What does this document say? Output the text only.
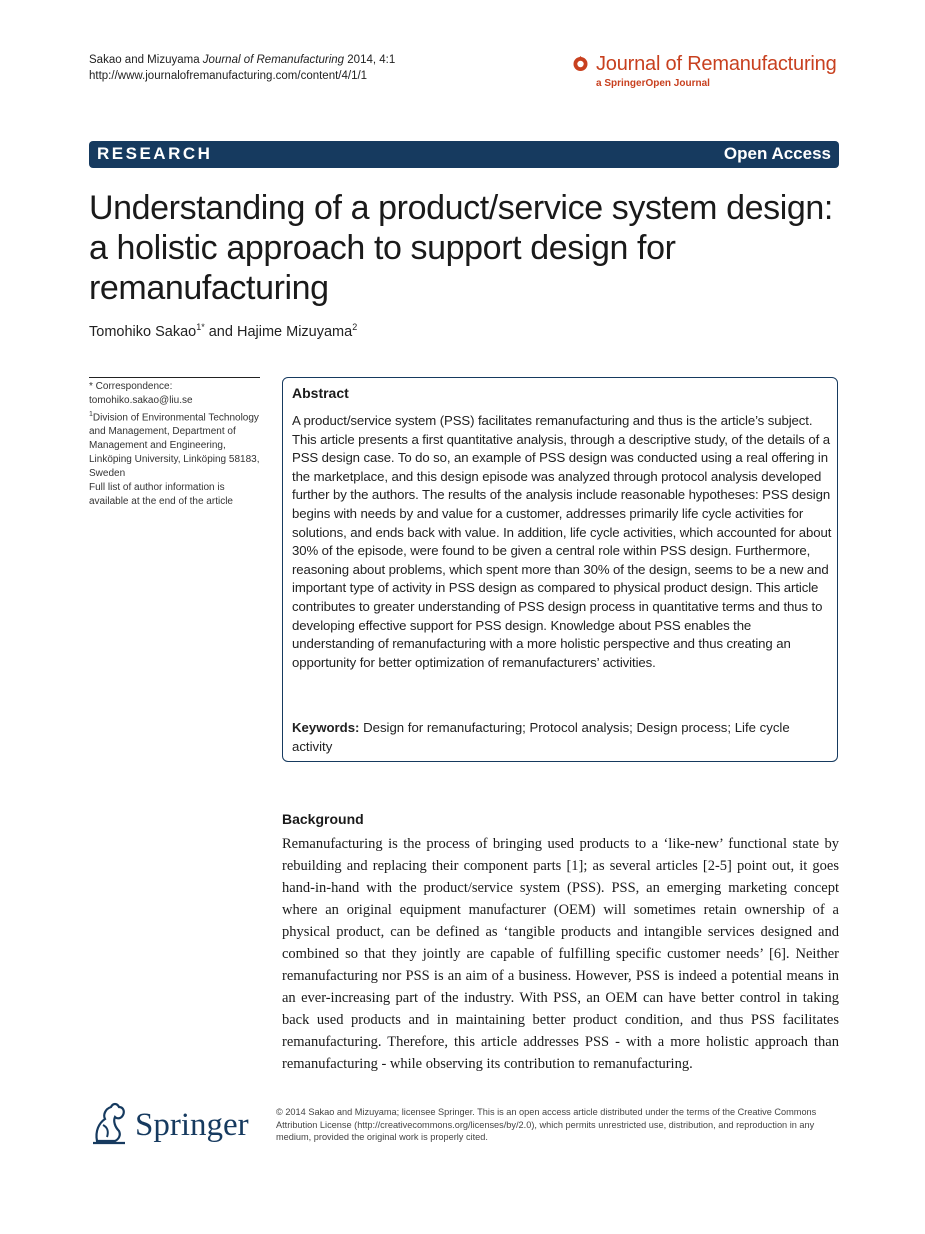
Sakao and Mizuyama Journal of Remanufacturing 2014, 4:1
http://www.journalofremanufacturing.com/content/4/1/1
Journal of Remanufacturing
a SpringerOpen Journal
RESEARCH	Open Access
Understanding of a product/service system design: a holistic approach to support design for remanufacturing
Tomohiko Sakao$^{1*}$ and Hajime Mizuyama$^2$
* Correspondence:
tomohiko.sakao@liu.se
$^1$Division of Environmental Technology and Management, Department of Management and Engineering, Linköping University, Linköping 58183, Sweden
Full list of author information is available at the end of the article
Abstract
A product/service system (PSS) facilitates remanufacturing and thus is the article’s subject. This article presents a first quantitative analysis, through a descriptive study, of the details of a PSS design case. To do so, an example of PSS design was conducted using a real offering in the marketplace, and this design episode was analyzed through protocol analysis developed further by the authors. The results of the analysis include reasonable hypotheses: PSS design begins with needs by and value for a customer, addresses primarily life cycle activities for solutions, and ends back with value. In addition, life cycle activities, which accounted for about 30% of the episode, were found to be given a central role within PSS design. Furthermore, reasoning about problems, which spent more than 30% of the design, seems to be a new and important type of activity in PSS design as compared to physical product design. This article contributes to greater understanding of PSS design process in quantitative terms and thus to developing effective support for PSS design. Knowledge about PSS enables the understanding of remanufacturing with a more holistic perspective and thus creating an opportunity for better optimization of remanufacturers’ activities.
Keywords: Design for remanufacturing; Protocol analysis; Design process; Life cycle activity
Background
Remanufacturing is the process of bringing used products to a ‘like-new’ functional state by rebuilding and replacing their component parts [1]; as several articles [2-5] point out, it goes hand-in-hand with the product/service system (PSS). PSS, an emerging marketing concept where an original equipment manufacturer (OEM) will sometimes retain ownership of a physical product, can be defined as ‘tangible products and intangible services designed and combined so that they jointly are capable of fulfilling specific customer needs’ [6]. Neither remanufacturing nor PSS is an aim of a business. However, PSS is indeed a potential means in an ever-increasing part of the industry. With PSS, an OEM can have better control in taking back used products and in maintaining better product condition, and thus PSS facilitates remanufacturing. Therefore, this article addresses PSS - with a more holistic approach than remanufacturing - while observing its contribution to remanufacturing.
Springer	© 2014 Sakao and Mizuyama; licensee Springer. This is an open access article distributed under the terms of the Creative Commons Attribution License (http://creativecommons.org/licenses/by/2.0), which permits unrestricted use, distribution, and reproduction in any medium, provided the original work is properly cited.
